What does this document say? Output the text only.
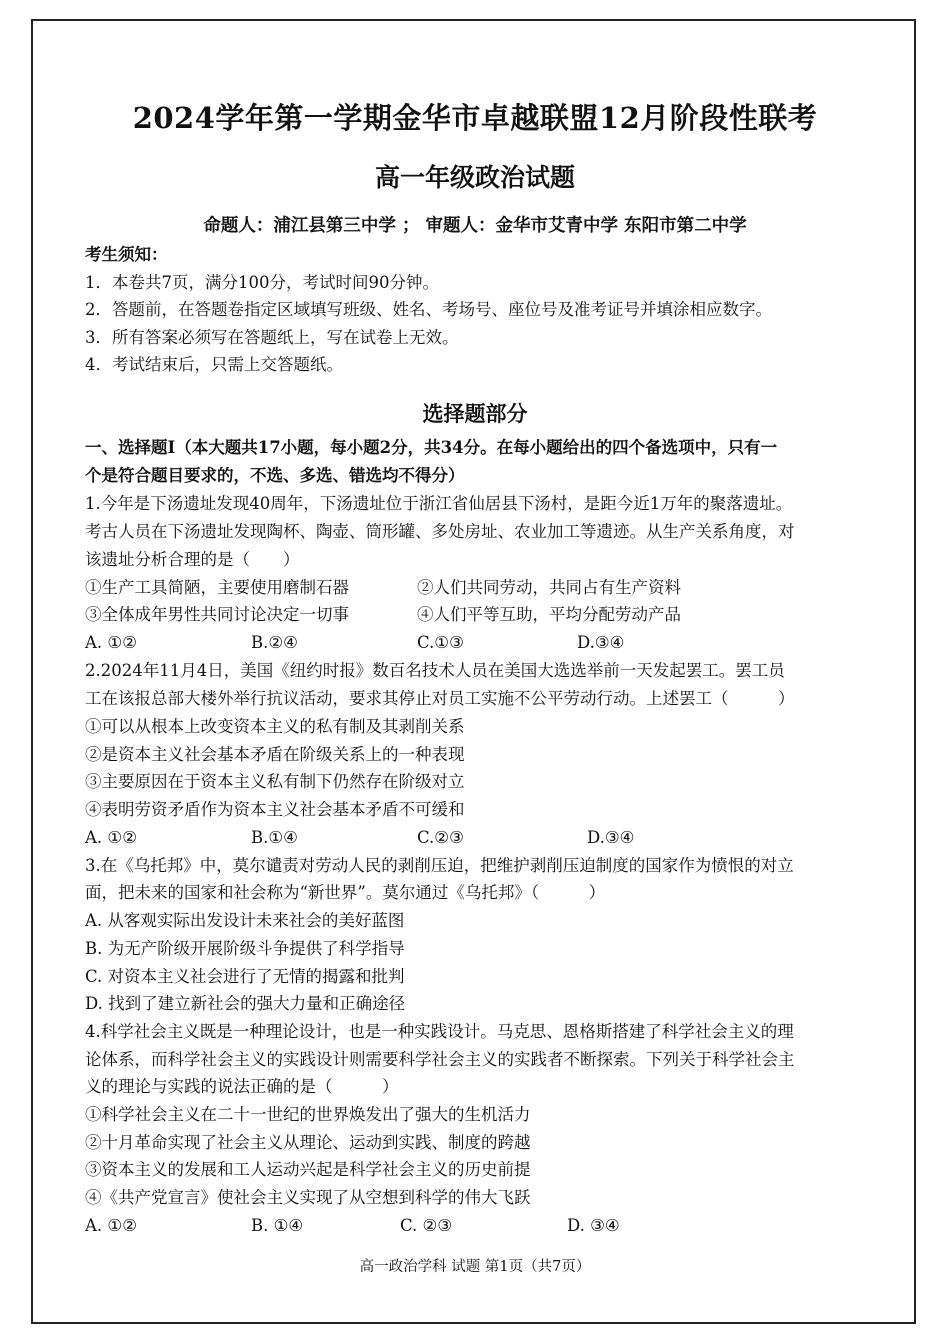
2024学年第一学期金华市卓越联盟12月阶段性联考
高一年级政治试题
命题人：浦江县第三中学 ； 审题人：金华市艾青中学 东阳市第二中学
考生须知：
1．本卷共7页，满分100分，考试时间90分钟。
2．答题前，在答题卷指定区域填写班级、姓名、考场号、座位号及准考证号并填涂相应数字。
3．所有答案必须写在答题纸上，写在试卷上无效。
4．考试结束后，只需上交答题纸。
选择题部分
一、选择题Ⅰ（本大题共17小题，每小题2分，共34分。在每小题给出的四个备选项中，只有一
个是符合题目要求的，不选、多选、错选均不得分）
1.今年是下汤遗址发现40周年，下汤遗址位于浙江省仙居县下汤村，是距今近1万年的聚落遗址。
考古人员在下汤遗址发现陶杯、陶壶、筒形罐、多处房址、农业加工等遗迹。从生产关系角度，对
该遗址分析合理的是（　　）
①生产工具简陋，主要使用磨制石器	②人们共同劳动，共同占有生产资料
③全体成年男性共同讨论决定一切事	④人们平等互助，平均分配劳动产品
A. ①②	B.②④	C.①③	D.③④
2.2024年11月4日，美国《纽约时报》数百名技术人员在美国大选选举前一天发起罢工。罢工员
工在该报总部大楼外举行抗议活动，要求其停止对员工实施不公平劳动行动。上述罢工（　　　）
①可以从根本上改变资本主义的私有制及其剥削关系
②是资本主义社会基本矛盾在阶级关系上的一种表现
③主要原因在于资本主义私有制下仍然存在阶级对立
④表明劳资矛盾作为资本主义社会基本矛盾不可缓和
A. ①②	B.①④	C.②③	D.③④
3.在《乌托邦》中，莫尔谴责对劳动人民的剥削压迫，把维护剥削压迫制度的国家作为愤恨的对立
面，把未来的国家和社会称为“新世界”。莫尔通过《乌托邦》（　　　）
A. 从客观实际出发设计未来社会的美好蓝图
B. 为无产阶级开展阶级斗争提供了科学指导
C. 对资本主义社会进行了无情的揭露和批判
D. 找到了建立新社会的强大力量和正确途径
4.科学社会主义既是一种理论设计，也是一种实践设计。马克思、恩格斯搭建了科学社会主义的理
论体系，而科学社会主义的实践设计则需要科学社会主义的实践者不断探索。下列关于科学社会主
义的理论与实践的说法正确的是（　　　）
①科学社会主义在二十一世纪的世界焕发出了强大的生机活力
②十月革命实现了社会主义从理论、运动到实践、制度的跨越
③资本主义的发展和工人运动兴起是科学社会主义的历史前提
④《共产党宣言》使社会主义实现了从空想到科学的伟大飞跃
A. ①②	B. ①④	C. ②③	D. ③④
高一政治学科 试题 第1页（共7页）
